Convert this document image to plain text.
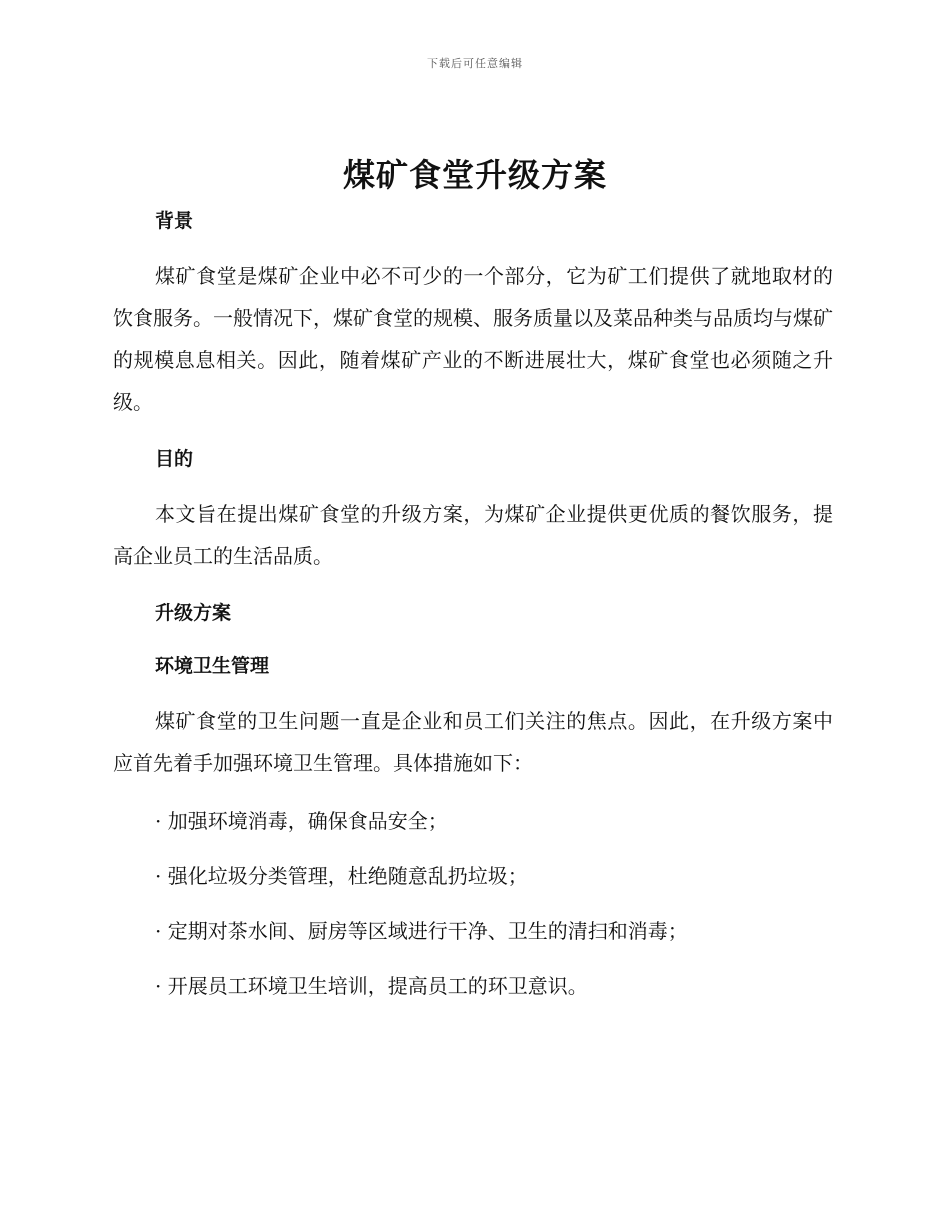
下载后可任意编辑
煤矿食堂升级方案
背景

煤矿食堂是煤矿企业中必不可少的一个部分，它为矿工们提供了就地取材的饮食服务。一般情况下，煤矿食堂的规模、服务质量以及菜品种类与品质均与煤矿的规模息息相关。因此，随着煤矿产业的不断进展壮大，煤矿食堂也必须随之升级。

目的

本文旨在提出煤矿食堂的升级方案，为煤矿企业提供更优质的餐饮服务，提高企业员工的生活品质。

升级方案
环境卫生管理

煤矿食堂的卫生问题一直是企业和员工们关注的焦点。因此，在升级方案中应首先着手加强环境卫生管理。具体措施如下：

· 加强环境消毒，确保食品安全；

· 强化垃圾分类管理，杜绝随意乱扔垃圾；

· 定期对茶水间、厨房等区域进行干净、卫生的清扫和消毒；

· 开展员工环境卫生培训，提高员工的环卫意识。
